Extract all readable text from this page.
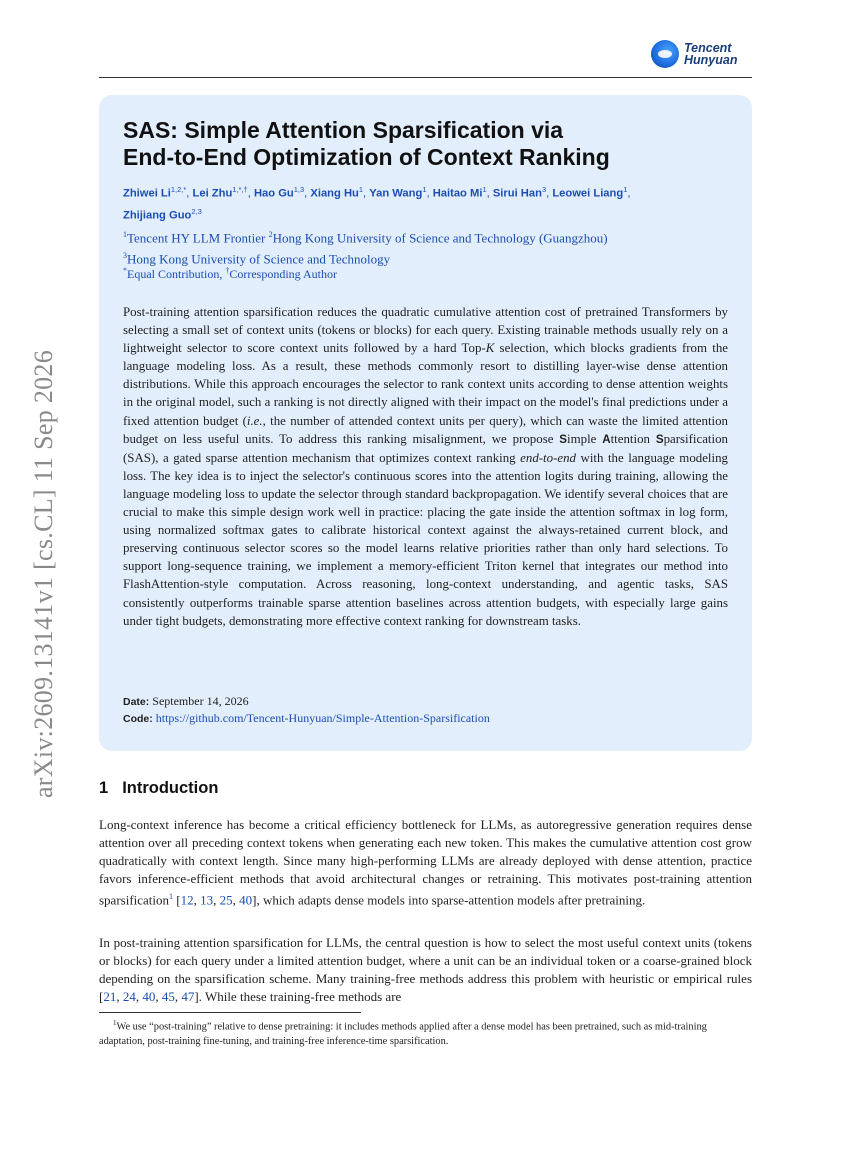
arXiv:2609.13141v1 [cs.CL] 11 Sep 2026
Tencent
Hunyuan
SAS: Simple Attention Sparsification via
End-to-End Optimization of Context Ranking
Zhiwei $Li^{1,2,*}$, Lei Zhu$^{1,*,\dagger}$, Hao Gu$^{1,3}$, Xiang Hu$^1$, Yan Wang$^1$, Haitao Mi$^1$, Sirui Han$^3$, Leowei Liang$^1$,
Zhijiang Guo$^{2,3}$
$^1$Tencent HY LLM Frontier $^2$Hong Kong University of Science and Technology (Guangzhou)
$^3$Hong Kong University of Science and Technology
*Equal Contribution, †Corresponding Author

Post-training attention sparsification reduces the quadratic cumulative attention cost of pretrained Transformers by selecting a small set of context units (tokens or blocks) for each query. Existing trainable methods usually rely on a lightweight selector to score context units followed by a hard Top-K selection, which blocks gradients from the language modeling loss. As a result, these methods commonly resort to distilling layer-wise dense attention distributions. While this approach encourages the selector to rank context units according to dense attention weights in the original model, such a ranking is not directly aligned with their impact on the model's final predictions under a fixed attention budget (i.e., the number of attended context units per query), which can waste the limited attention budget on less useful units. To address this ranking misalignment, we propose Simple Attention Sparsification (SAS), a gated sparse attention mechanism that optimizes context ranking end-to-end with the language modeling loss. The key idea is to inject the selector's continuous scores into the attention logits during training, allowing the language modeling loss to update the selector through standard backpropagation. We identify several choices that are crucial to make this simple design work well in practice: placing the gate inside the attention softmax in log form, using normalized softmax gates to calibrate historical context against the always-retained current block, and preserving continuous selector scores so the model learns relative priorities rather than only hard selections. To support long-sequence training, we implement a memory-efficient Triton kernel that integrates our method into FlashAttention-style computation. Across reasoning, long-context understanding, and agentic tasks, SAS consistently outperforms trainable sparse attention baselines across attention budgets, with especially large gains under tight budgets, demonstrating more effective context ranking for downstream tasks.

Date: September 14, 2026
Code: https://github.com/Tencent-Hunyuan/Simple-Attention-Sparsification
1 Introduction

Long-context inference has become a critical efficiency bottleneck for LLMs, as autoregressive generation requires dense attention over all preceding context tokens when generating each new token. This makes the cumulative attention cost grow quadratically with context length. Since many high-performing LLMs are already deployed with dense attention, practice favors inference-efficient methods that avoid architectural changes or retraining. This motivates post-training attention sparsification$^1$ [12, 13, 25, 40], which adapts dense models into sparse-attention models after pretraining.

In post-training attention sparsification for LLMs, the central question is how to select the most useful context units (tokens or blocks) for each query under a limited attention budget, where a unit can be an individual token or a coarse-grained block depending on the sparsification scheme. Many training-free methods address this problem with heuristic or empirical rules [21, 24, 40, 45, 47]. While these training-free methods are

$^1$We use “post-training” relative to dense pretraining: it includes methods applied after a dense model has been pretrained, such as mid-training adaptation, post-training fine-tuning, and training-free inference-time sparsification.
